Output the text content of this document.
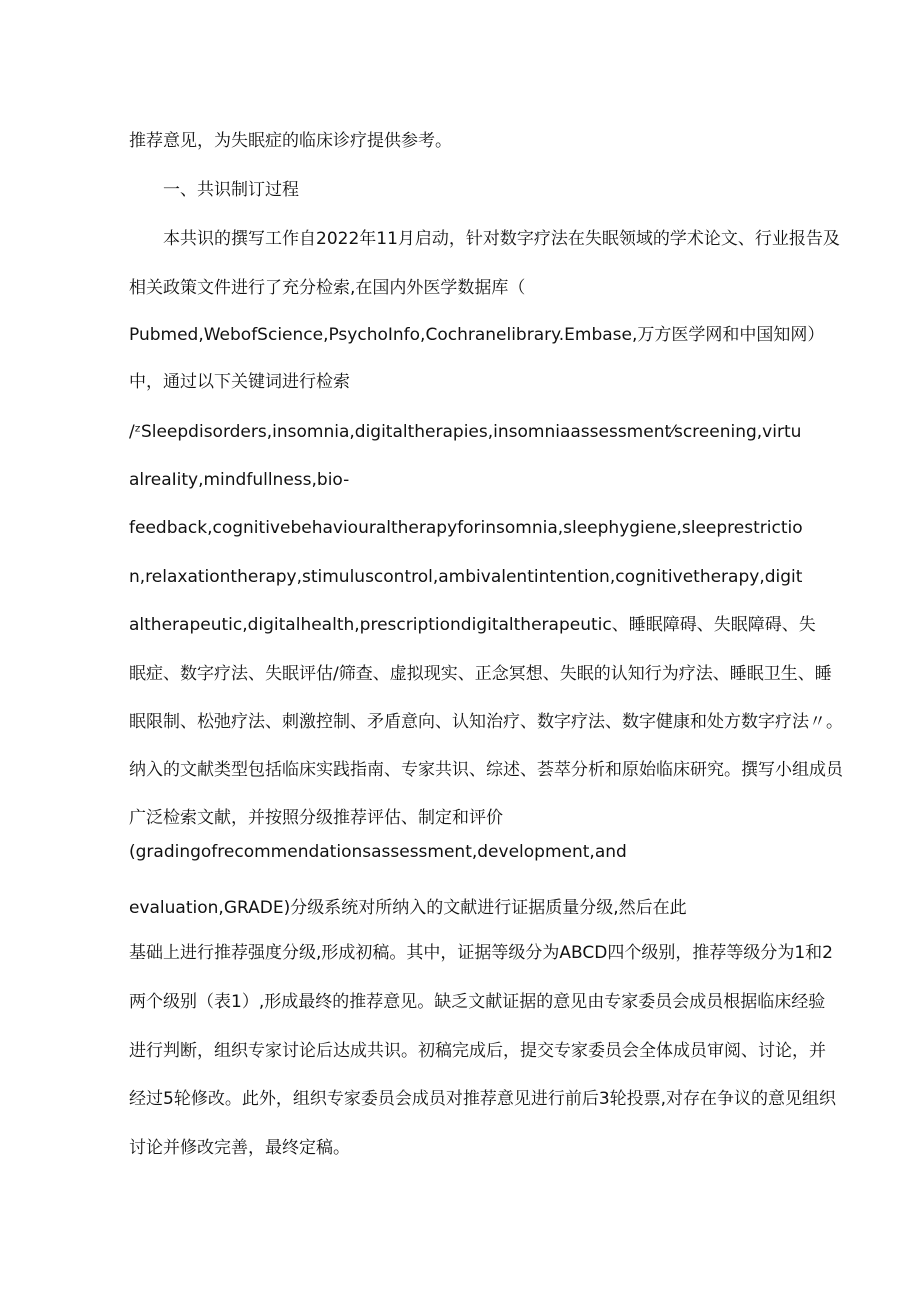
推荐意见，为失眠症的临床诊疗提供参考。
一、共识制订过程
本共识的撰写工作自2022年11月启动，针对数字疗法在失眠领域的学术论文、行业报告及
相关政策文件进行了充分检索,在国内外医学数据库（
Pubmed,WebofScience,PsychoInfo,Cochranelibrary.Embase,万方医学网和中国知网）
中，通过以下关键词进行检索
/ᶻSleepdisorders,insomnia,digitaltherapies,insomniaassessment⁄screening,virtu
alreaIity,mindfullness,bio-
feedback,cognitivebehaviouraltherapyforinsomnia,sleephygiene,sleeprestrictio
n,relaxationtherapy,stimuluscontrol,ambivalentintention,cognitivetherapy,digit
altherapeutic,digitalhealth,prescriptiondigitaltherapeutic、睡眠障碍、失眠障碍、失
眠症、数字疗法、失眠评估/筛查、虚拟现实、正念冥想、失眠的认知行为疗法、睡眠卫生、睡
眠限制、松弛疗法、刺激控制、矛盾意向、认知治疗、数字疗法、数字健康和处方数字疗法〃。
纳入的文献类型包括临床实践指南、专家共识、综述、荟萃分析和原始临床研究。撰写小组成员
广泛检索文献，并按照分级推荐评估、制定和评价
(gradingofrecommendationsassessment,development,and
evaluation,GRADE)分级系统对所纳入的文献进行证据质量分级,然后在此
基础上进行推荐强度分级,形成初稿。其中，证据等级分为ABCD四个级别，推荐等级分为1和2
两个级别（表1）,形成最终的推荐意见。缺乏文献证据的意见由专家委员会成员根据临床经验
进行判断，组织专家讨论后达成共识。初稿完成后，提交专家委员会全体成员审阅、讨论，并
经过5轮修改。此外，组织专家委员会成员对推荐意见进行前后3轮投票,对存在争议的意见组织
讨论并修改完善，最终定稿。
